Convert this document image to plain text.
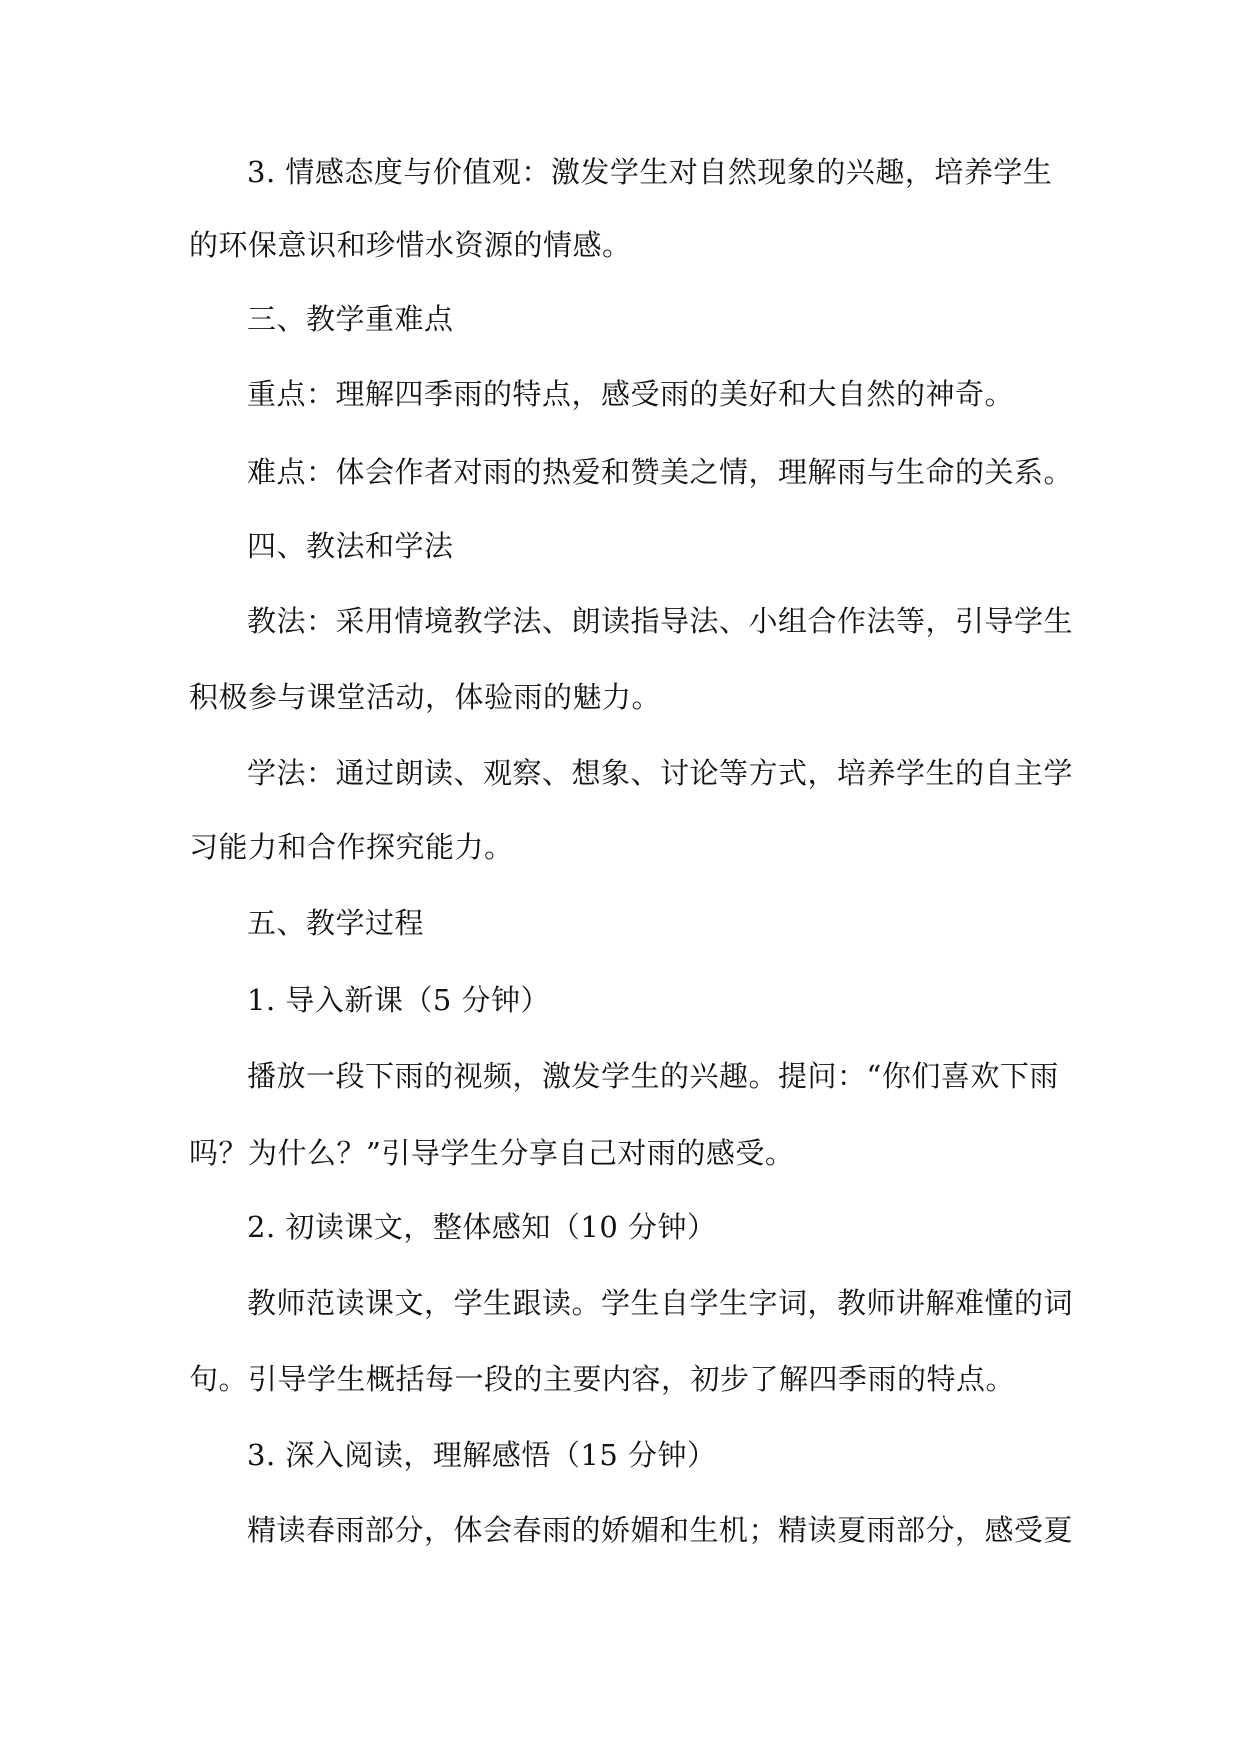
3. 情感态度与价值观：激发学生对自然现象的兴趣，培养学生
的环保意识和珍惜水资源的情感。
三、教学重难点
重点：理解四季雨的特点，感受雨的美好和大自然的神奇。
难点：体会作者对雨的热爱和赞美之情，理解雨与生命的关系。
四、教法和学法
教法：采用情境教学法、朗读指导法、小组合作法等，引导学生
积极参与课堂活动，体验雨的魅力。
学法：通过朗读、观察、想象、讨论等方式，培养学生的自主学
习能力和合作探究能力。
五、教学过程
1. 导入新课（5 分钟）
播放一段下雨的视频，激发学生的兴趣。提问：“你们喜欢下雨
吗？为什么？”引导学生分享自己对雨的感受。
2. 初读课文，整体感知（10 分钟）
教师范读课文，学生跟读。学生自学生字词，教师讲解难懂的词
句。引导学生概括每一段的主要内容，初步了解四季雨的特点。
3. 深入阅读，理解感悟（15 分钟）
精读春雨部分，体会春雨的娇媚和生机；精读夏雨部分，感受夏
